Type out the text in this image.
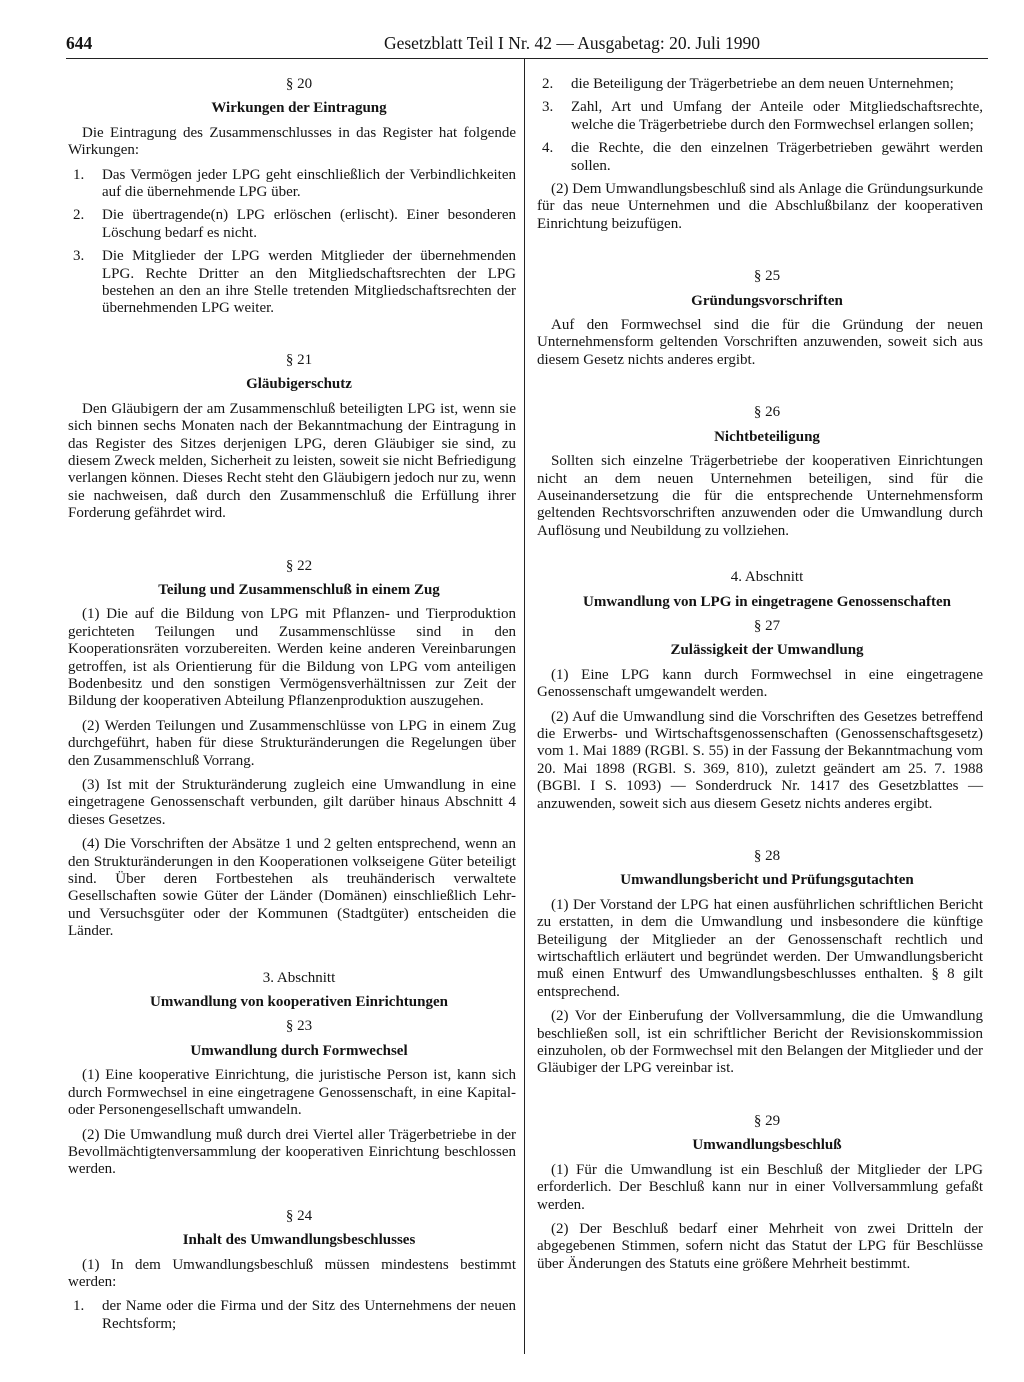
644	Gesetzblatt Teil I Nr. 42 — Ausgabetag: 20. Juli 1990

§ 20

Wirkungen der Eintragung

Die Eintragung des Zusammenschlusses in das Register hat folgende Wirkungen:

1. Das Vermögen jeder LPG geht einschließlich der Verbindlichkeiten auf die übernehmende LPG über.
2. Die übertragende(n) LPG erlöschen (erlischt). Einer besonderen Löschung bedarf es nicht.
3. Die Mitglieder der LPG werden Mitglieder der übernehmenden LPG. Rechte Dritter an den Mitgliedschaftsrechten der LPG bestehen an den an ihre Stelle tretenden Mitgliedschaftsrechten der übernehmenden LPG weiter.

§ 21

Gläubigerschutz

Den Gläubigern der am Zusammenschluß beteiligten LPG ist, wenn sie sich binnen sechs Monaten nach der Bekanntmachung der Eintragung in das Register des Sitzes derjenigen LPG, deren Gläubiger sie sind, zu diesem Zweck melden, Sicherheit zu leisten, soweit sie nicht Befriedigung verlangen können. Dieses Recht steht den Gläubigern jedoch nur zu, wenn sie nachweisen, daß durch den Zusammenschluß die Erfüllung ihrer Forderung gefährdet wird.

§ 22

Teilung und Zusammenschluß in einem Zug

(1) Die auf die Bildung von LPG mit Pflanzen- und Tierproduktion gerichteten Teilungen und Zusammenschlüsse sind in den Kooperationsräten vorzubereiten. Werden keine anderen Vereinbarungen getroffen, ist als Orientierung für die Bildung von LPG vom anteiligen Bodenbesitz und den sonstigen Vermögensverhältnissen zur Zeit der Bildung der kooperativen Abteilung Pflanzenproduktion auszugehen.

(2) Werden Teilungen und Zusammenschlüsse von LPG in einem Zug durchgeführt, haben für diese Strukturänderungen die Regelungen über den Zusammenschluß Vorrang.

(3) Ist mit der Strukturänderung zugleich eine Umwandlung in eine eingetragene Genossenschaft verbunden, gilt darüber hinaus Abschnitt 4 dieses Gesetzes.

(4) Die Vorschriften der Absätze 1 und 2 gelten entsprechend, wenn an den Strukturänderungen in den Kooperationen volkseigene Güter beteiligt sind. Über deren Fortbestehen als treuhänderisch verwaltete Gesellschaften sowie Güter der Länder (Domänen) einschließlich Lehr- und Versuchsgüter oder der Kommunen (Stadtgüter) entscheiden die Länder.

3. Abschnitt

Umwandlung von kooperativen Einrichtungen

§ 23

Umwandlung durch Formwechsel

(1) Eine kooperative Einrichtung, die juristische Person ist, kann sich durch Formwechsel in eine eingetragene Genossenschaft, in eine Kapital- oder Personengesellschaft umwandeln.

(2) Die Umwandlung muß durch drei Viertel aller Trägerbetriebe in der Bevollmächtigtenversammlung der kooperativen Einrichtung beschlossen werden.

§ 24

Inhalt des Umwandlungsbeschlusses

(1) In dem Umwandlungsbeschluß müssen mindestens bestimmt werden:

1. der Name oder die Firma und der Sitz des Unternehmens der neuen Rechtsform;
2. die Beteiligung der Trägerbetriebe an dem neuen Unternehmen;
3. Zahl, Art und Umfang der Anteile oder Mitgliedschaftsrechte, welche die Trägerbetriebe durch den Formwechsel erlangen sollen;
4. die Rechte, die den einzelnen Trägerbetrieben gewährt werden sollen.

(2) Dem Umwandlungsbeschluß sind als Anlage die Gründungsurkunde für das neue Unternehmen und die Abschlußbilanz der kooperativen Einrichtung beizufügen.

§ 25

Gründungsvorschriften

Auf den Formwechsel sind die für die Gründung der neuen Unternehmensform geltenden Vorschriften anzuwenden, soweit sich aus diesem Gesetz nichts anderes ergibt.

§ 26

Nichtbeteiligung

Sollten sich einzelne Trägerbetriebe der kooperativen Einrichtungen nicht an dem neuen Unternehmen beteiligen, sind für die Auseinandersetzung die für die entsprechende Unternehmensform geltenden Rechtsvorschriften anzuwenden oder die Umwandlung durch Auflösung und Neubildung zu vollziehen.

4. Abschnitt

Umwandlung von LPG in eingetragene Genossenschaften

§ 27

Zulässigkeit der Umwandlung

(1) Eine LPG kann durch Formwechsel in eine eingetragene Genossenschaft umgewandelt werden.

(2) Auf die Umwandlung sind die Vorschriften des Gesetzes betreffend die Erwerbs- und Wirtschaftsgenossenschaften (Genossenschaftsgesetz) vom 1. Mai 1889 (RGBl. S. 55) in der Fassung der Bekanntmachung vom 20. Mai 1898 (RGBl. S. 369, 810), zuletzt geändert am 25. 7. 1988 (BGBl. I S. 1093) — Sonderdruck Nr. 1417 des Gesetzblattes — anzuwenden, soweit sich aus diesem Gesetz nichts anderes ergibt.

§ 28

Umwandlungsbericht und Prüfungsgutachten

(1) Der Vorstand der LPG hat einen ausführlichen schriftlichen Bericht zu erstatten, in dem die Umwandlung und insbesondere die künftige Beteiligung der Mitglieder an der Genossenschaft rechtlich und wirtschaftlich erläutert und begründet werden. Der Umwandlungsbericht muß einen Entwurf des Umwandlungsbeschlusses enthalten. § 8 gilt entsprechend.

(2) Vor der Einberufung der Vollversammlung, die die Umwandlung beschließen soll, ist ein schriftlicher Bericht der Revisionskommission einzuholen, ob der Formwechsel mit den Belangen der Mitglieder und der Gläubiger der LPG vereinbar ist.

§ 29

Umwandlungsbeschluß

(1) Für die Umwandlung ist ein Beschluß der Mitglieder der LPG erforderlich. Der Beschluß kann nur in einer Vollversammlung gefaßt werden.

(2) Der Beschluß bedarf einer Mehrheit von zwei Dritteln der abgegebenen Stimmen, sofern nicht das Statut der LPG für Beschlüsse über Änderungen des Statuts eine größere Mehrheit bestimmt.
